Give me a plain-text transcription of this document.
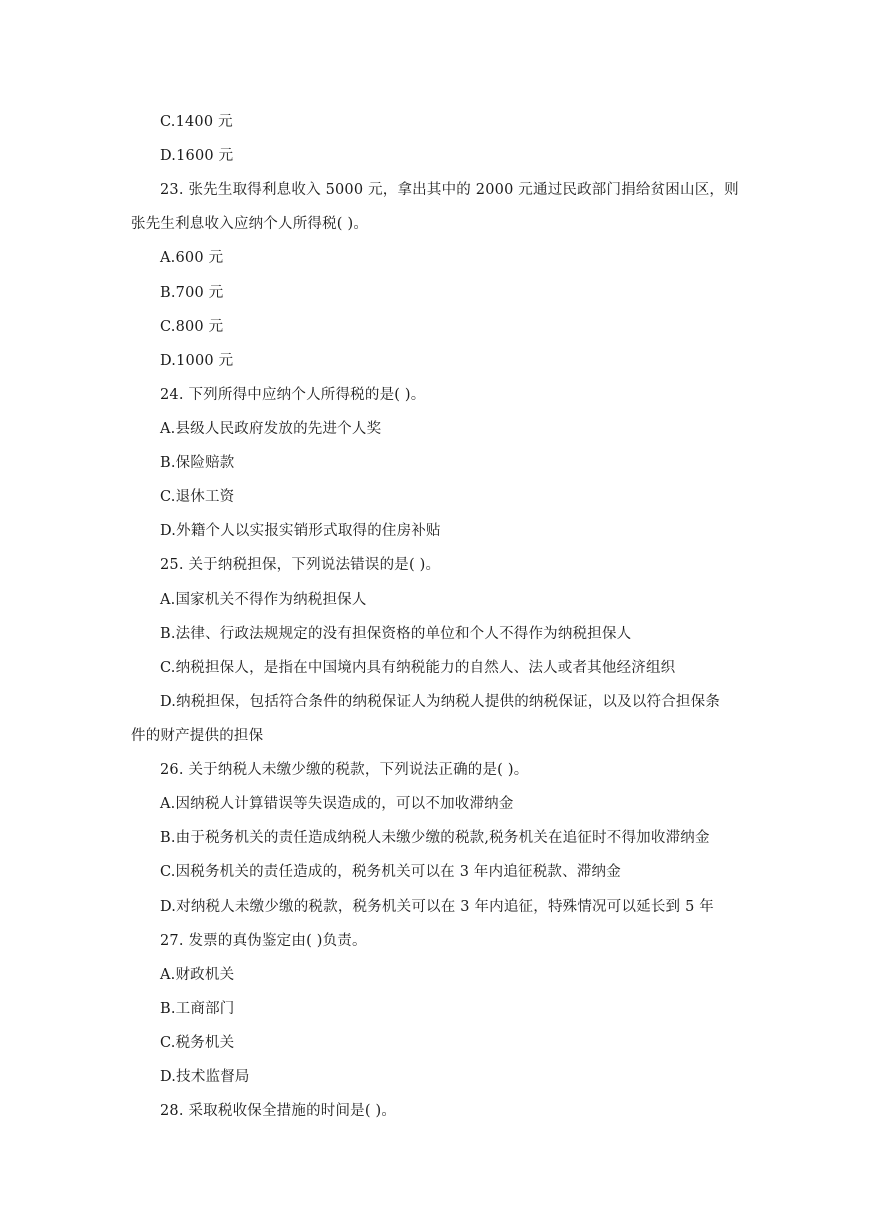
C.1400 元
D.1600 元
23. 张先生取得利息收入 5000 元，拿出其中的 2000 元通过民政部门捐给贫困山区，则
张先生利息收入应纳个人所得税( )。
A.600 元
B.700 元
C.800 元
D.1000 元
24. 下列所得中应纳个人所得税的是( )。
A.县级人民政府发放的先进个人奖
B.保险赔款
C.退休工资
D.外籍个人以实报实销形式取得的住房补贴
25. 关于纳税担保，下列说法错误的是( )。
A.国家机关不得作为纳税担保人
B.法律、行政法规规定的没有担保资格的单位和个人不得作为纳税担保人
C.纳税担保人，是指在中国境内具有纳税能力的自然人、法人或者其他经济组织
D.纳税担保，包括符合条件的纳税保证人为纳税人提供的纳税保证，以及以符合担保条
件的财产提供的担保
26. 关于纳税人未缴少缴的税款，下列说法正确的是( )。
A.因纳税人计算错误等失误造成的，可以不加收滞纳金
B.由于税务机关的责任造成纳税人未缴少缴的税款,税务机关在追征时不得加收滞纳金
C.因税务机关的责任造成的，税务机关可以在 3 年内追征税款、滞纳金
D.对纳税人未缴少缴的税款，税务机关可以在 3 年内追征，特殊情况可以延长到 5 年
27. 发票的真伪鉴定由( )负责。
A.财政机关
B.工商部门
C.税务机关
D.技术监督局
28. 采取税收保全措施的时间是( )。
